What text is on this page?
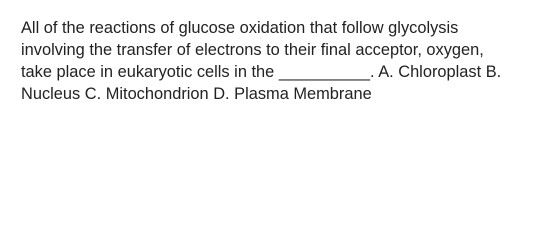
All of the reactions of glucose oxidation that follow glycolysis
involving the transfer of electrons to their final acceptor, oxygen,
take place in eukaryotic cells in the __________. A. Chloroplast B.
Nucleus C. Mitochondrion D. Plasma Membrane
